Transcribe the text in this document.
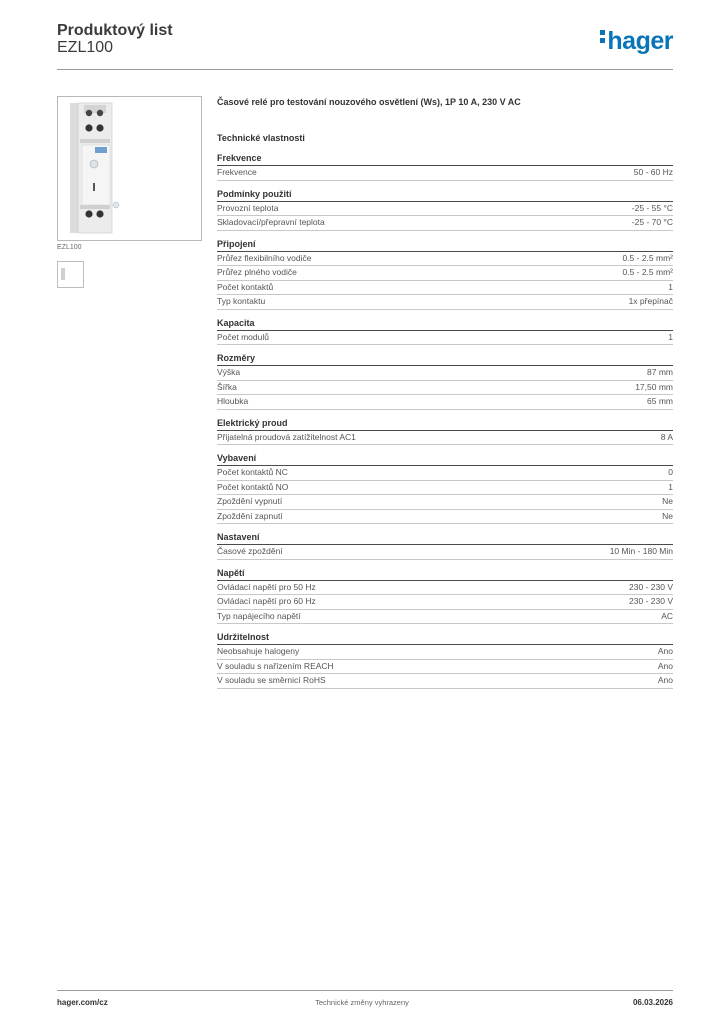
Produktový list
EZL100	hager
EZL100
Časové relé pro testování nouzového osvětlení (Ws), 1P 10 A, 230 V AC
Technické vlastnosti
Frekvence
Frekvence	50 - 60 Hz
Podmínky použití
Provozní teplota	-25 - 55 °C
Skladovací/přepravní teplota	-25 - 70 °C
Připojení
Průřez flexibilního vodiče	0.5 - 2.5 mm²
Průřez plného vodiče	0.5 - 2.5 mm²
Počet kontaktů	1
Typ kontaktu	1x přepínač
Kapacita
Počet modulů	1
Rozměry
Výška	87 mm
Šířka	17,50 mm
Hloubka	65 mm
Elektrický proud
Přijatelná proudová zatížitelnost AC1	8 A
Vybavení
Počet kontaktů NC	0
Počet kontaktů NO	1
Zpoždění vypnutí	Ne
Zpoždění zapnutí	Ne
Nastavení
Časové zpoždění	10 Min - 180 Min
Napětí
Ovládací napětí pro 50 Hz	230 - 230 V
Ovládací napětí pro 60 Hz	230 - 230 V
Typ napájecího napětí	AC
Udržitelnost
Neobsahuje halogeny	Ano
V souladu s nařízením REACH	Ano
V souladu se směrnicí RoHS	Ano
hager.com/cz	Technické změny vyhrazeny	06.03.2026
